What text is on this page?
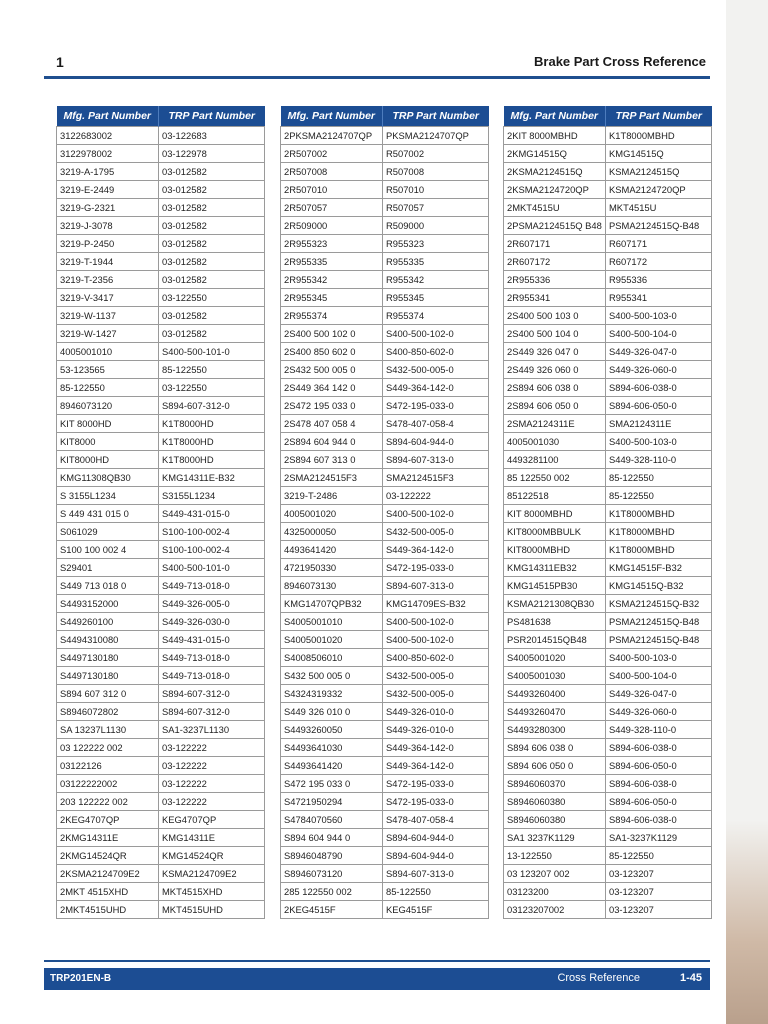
1	Brake Part Cross Reference
Mfg. Part Number	TRP Part Number
3122683002	03-122683
3122978002	03-122978
3219-A-1795	03-012582
3219-E-2449	03-012582
3219-G-2321	03-012582
3219-J-3078	03-012582
3219-P-2450	03-012582
3219-T-1944	03-012582
3219-T-2356	03-012582
3219-V-3417	03-122550
3219-W-1137	03-012582
3219-W-1427	03-012582
4005001010	S400-500-101-0
53-123565	85-122550
85-122550	03-122550
8946073120	S894-607-312-0
KIT 8000HD	K1T8000HD
KIT8000	K1T8000HD
KIT8000HD	K1T8000HD
KMG11308QB30	KMG14311E-B32
S 3155L1234	S3155L1234
S 449 431 015 0	S449-431-015-0
S061029	S100-100-002-4
S100 100 002 4	S100-100-002-4
S29401	S400-500-101-0
S449 713 018 0	S449-713-018-0
S4493152000	S449-326-005-0
S449260100	S449-326-030-0
S4494310080	S449-431-015-0
S4497130180	S449-713-018-0
S4497130180	S449-713-018-0
S894 607 312 0	S894-607-312-0
S8946072802	S894-607-312-0
SA 13237L1130	SA1-3237L1130
03 122222 002	03-122222
03122126	03-122222
03122222002	03-122222
203 122222 002	03-122222
2KEG4707QP	KEG4707QP
2KMG14311E	KMG14311E
2KMG14524QR	KMG14524QR
2KSMA2124709E2	KSMA2124709E2
2MKT 4515XHD	MKT4515XHD
2MKT4515UHD	MKT4515UHD
Mfg. Part Number	TRP Part Number
2PKSMA2124707QP	PKSMA2124707QP
2R507002	R507002
2R507008	R507008
2R507010	R507010
2R507057	R507057
2R509000	R509000
2R955323	R955323
2R955335	R955335
2R955342	R955342
2R955345	R955345
2R955374	R955374
2S400 500 102 0	S400-500-102-0
2S400 850 602 0	S400-850-602-0
2S432 500 005 0	S432-500-005-0
2S449 364 142 0	S449-364-142-0
2S472 195 033 0	S472-195-033-0
2S478 407 058 4	S478-407-058-4
2S894 604 944 0	S894-604-944-0
2S894 607 313 0	S894-607-313-0
2SMA2124515F3	SMA2124515F3
3219-T-2486	03-122222
4005001020	S400-500-102-0
4325000050	S432-500-005-0
4493641420	S449-364-142-0
4721950330	S472-195-033-0
8946073130	S894-607-313-0
KMG14707QPB32	KMG14709ES-B32
S4005001010	S400-500-102-0
S4005001020	S400-500-102-0
S4008506010	S400-850-602-0
S432 500 005 0	S432-500-005-0
S4324319332	S432-500-005-0
S449 326 010 0	S449-326-010-0
S4493260050	S449-326-010-0
S4493641030	S449-364-142-0
S4493641420	S449-364-142-0
S472 195 033 0	S472-195-033-0
S4721950294	S472-195-033-0
S4784070560	S478-407-058-4
S894 604 944 0	S894-604-944-0
S8946048790	S894-604-944-0
S8946073120	S894-607-313-0
285 122550 002	85-122550
2KEG4515F	KEG4515F
Mfg. Part Number	TRP Part Number
2KIT 8000MBHD	K1T8000MBHD
2KMG14515Q	KMG14515Q
2KSMA2124515Q	KSMA2124515Q
2KSMA2124720QP	KSMA2124720QP
2MKT4515U	MKT4515U
2PSMA2124515Q B48	PSMA2124515Q-B48
2R607171	R607171
2R607172	R607172
2R955336	R955336
2R955341	R955341
2S400 500 103 0	S400-500-103-0
2S400 500 104 0	S400-500-104-0
2S449 326 047 0	S449-326-047-0
2S449 326 060 0	S449-326-060-0
2S894 606 038 0	S894-606-038-0
2S894 606 050 0	S894-606-050-0
2SMA2124311E	SMA2124311E
4005001030	S400-500-103-0
4493281100	S449-328-110-0
85 122550 002	85-122550
85122518	85-122550
KIT 8000MBHD	K1T8000MBHD
KIT8000MBBULK	K1T8000MBHD
KIT8000MBHD	K1T8000MBHD
KMG14311EB32	KMG14515F-B32
KMG14515PB30	KMG14515Q-B32
KSMA2121308QB30	KSMA2124515Q-B32
PS481638	PSMA2124515Q-B48
PSR2014515QB48	PSMA2124515Q-B48
S4005001020	S400-500-103-0
S4005001030	S400-500-104-0
S4493260400	S449-326-047-0
S4493260470	S449-326-060-0
S4493280300	S449-328-110-0
S894 606 038 0	S894-606-038-0
S894 606 050 0	S894-606-050-0
S8946060370	S894-606-038-0
S8946060380	S894-606-050-0
S8946060380	S894-606-038-0
SA1 3237K1129	SA1-3237K1129
13-122550	85-122550
03 123207 002	03-123207
03123200	03-123207
03123207002	03-123207
TRP201EN-B	Cross Reference	1-45
